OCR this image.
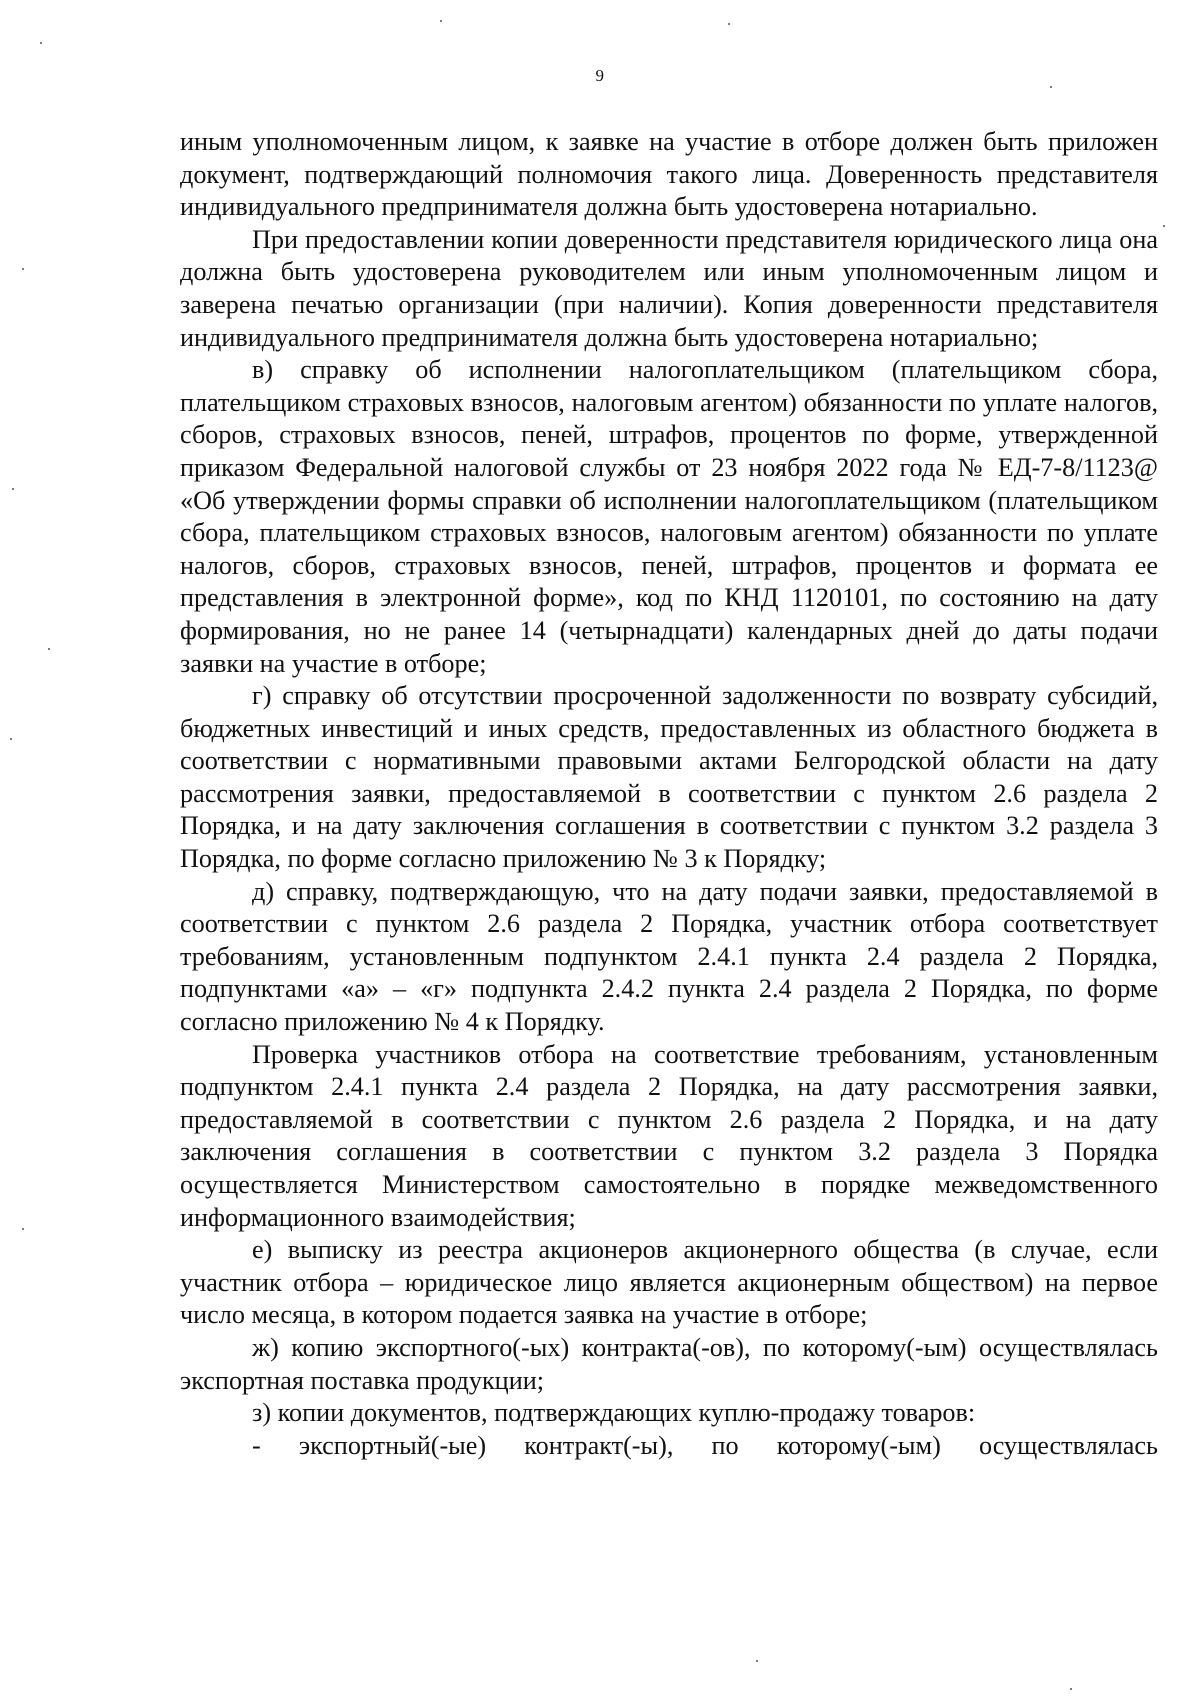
9

иным уполномоченным лицом, к заявке на участие в отборе должен быть приложен документ, подтверждающий полномочия такого лица. Доверенность представителя индивидуального предпринимателя должна быть удостоверена нотариально.

При предоставлении копии доверенности представителя юридического лица она должна быть удостоверена руководителем или иным уполномоченным лицом и заверена печатью организации (при наличии). Копия доверенности представителя индивидуального предпринимателя должна быть удостоверена нотариально;

в) справку об исполнении налогоплательщиком (плательщиком сбора, плательщиком страховых взносов, налоговым агентом) обязанности по уплате налогов, сборов, страховых взносов, пеней, штрафов, процентов по форме, утвержденной приказом Федеральной налоговой службы от 23 ноября 2022 года № ЕД-7-8/1123@ «Об утверждении формы справки об исполнении налогоплательщиком (плательщиком сбора, плательщиком страховых взносов, налоговым агентом) обязанности по уплате налогов, сборов, страховых взносов, пеней, штрафов, процентов и формата ее представления в электронной форме», код по КНД 1120101, по состоянию на дату формирования, но не ранее 14 (четырнадцати) календарных дней до даты подачи заявки на участие в отборе;

г) справку об отсутствии просроченной задолженности по возврату субсидий, бюджетных инвестиций и иных средств, предоставленных из областного бюджета в соответствии с нормативными правовыми актами Белгородской области на дату рассмотрения заявки, предоставляемой в соответствии с пунктом 2.6 раздела 2 Порядка, и на дату заключения соглашения в соответствии с пунктом 3.2 раздела 3 Порядка, по форме согласно приложению № 3 к Порядку;

д) справку, подтверждающую, что на дату подачи заявки, предоставляемой в соответствии с пунктом 2.6 раздела 2 Порядка, участник отбора соответствует требованиям, установленным подпунктом 2.4.1 пункта 2.4 раздела 2 Порядка, подпунктами «а» – «г» подпункта 2.4.2 пункта 2.4 раздела 2 Порядка, по форме согласно приложению № 4 к Порядку.

Проверка участников отбора на соответствие требованиям, установленным подпунктом 2.4.1 пункта 2.4 раздела 2 Порядка, на дату рассмотрения заявки, предоставляемой в соответствии с пунктом 2.6 раздела 2 Порядка, и на дату заключения соглашения в соответствии с пунктом 3.2 раздела 3 Порядка осуществляется Министерством самостоятельно в порядке межведомственного информационного взаимодействия;

е) выписку из реестра акционеров акционерного общества (в случае, если участник отбора – юридическое лицо является акционерным обществом) на первое число месяца, в котором подается заявка на участие в отборе;

ж) копию экспортного(-ых) контракта(-ов), по которому(-ым) осуществлялась экспортная поставка продукции;

з) копии документов, подтверждающих куплю-продажу товаров:

- экспортный(-ые) контракт(-ы), по которому(-ым) осуществлялась
